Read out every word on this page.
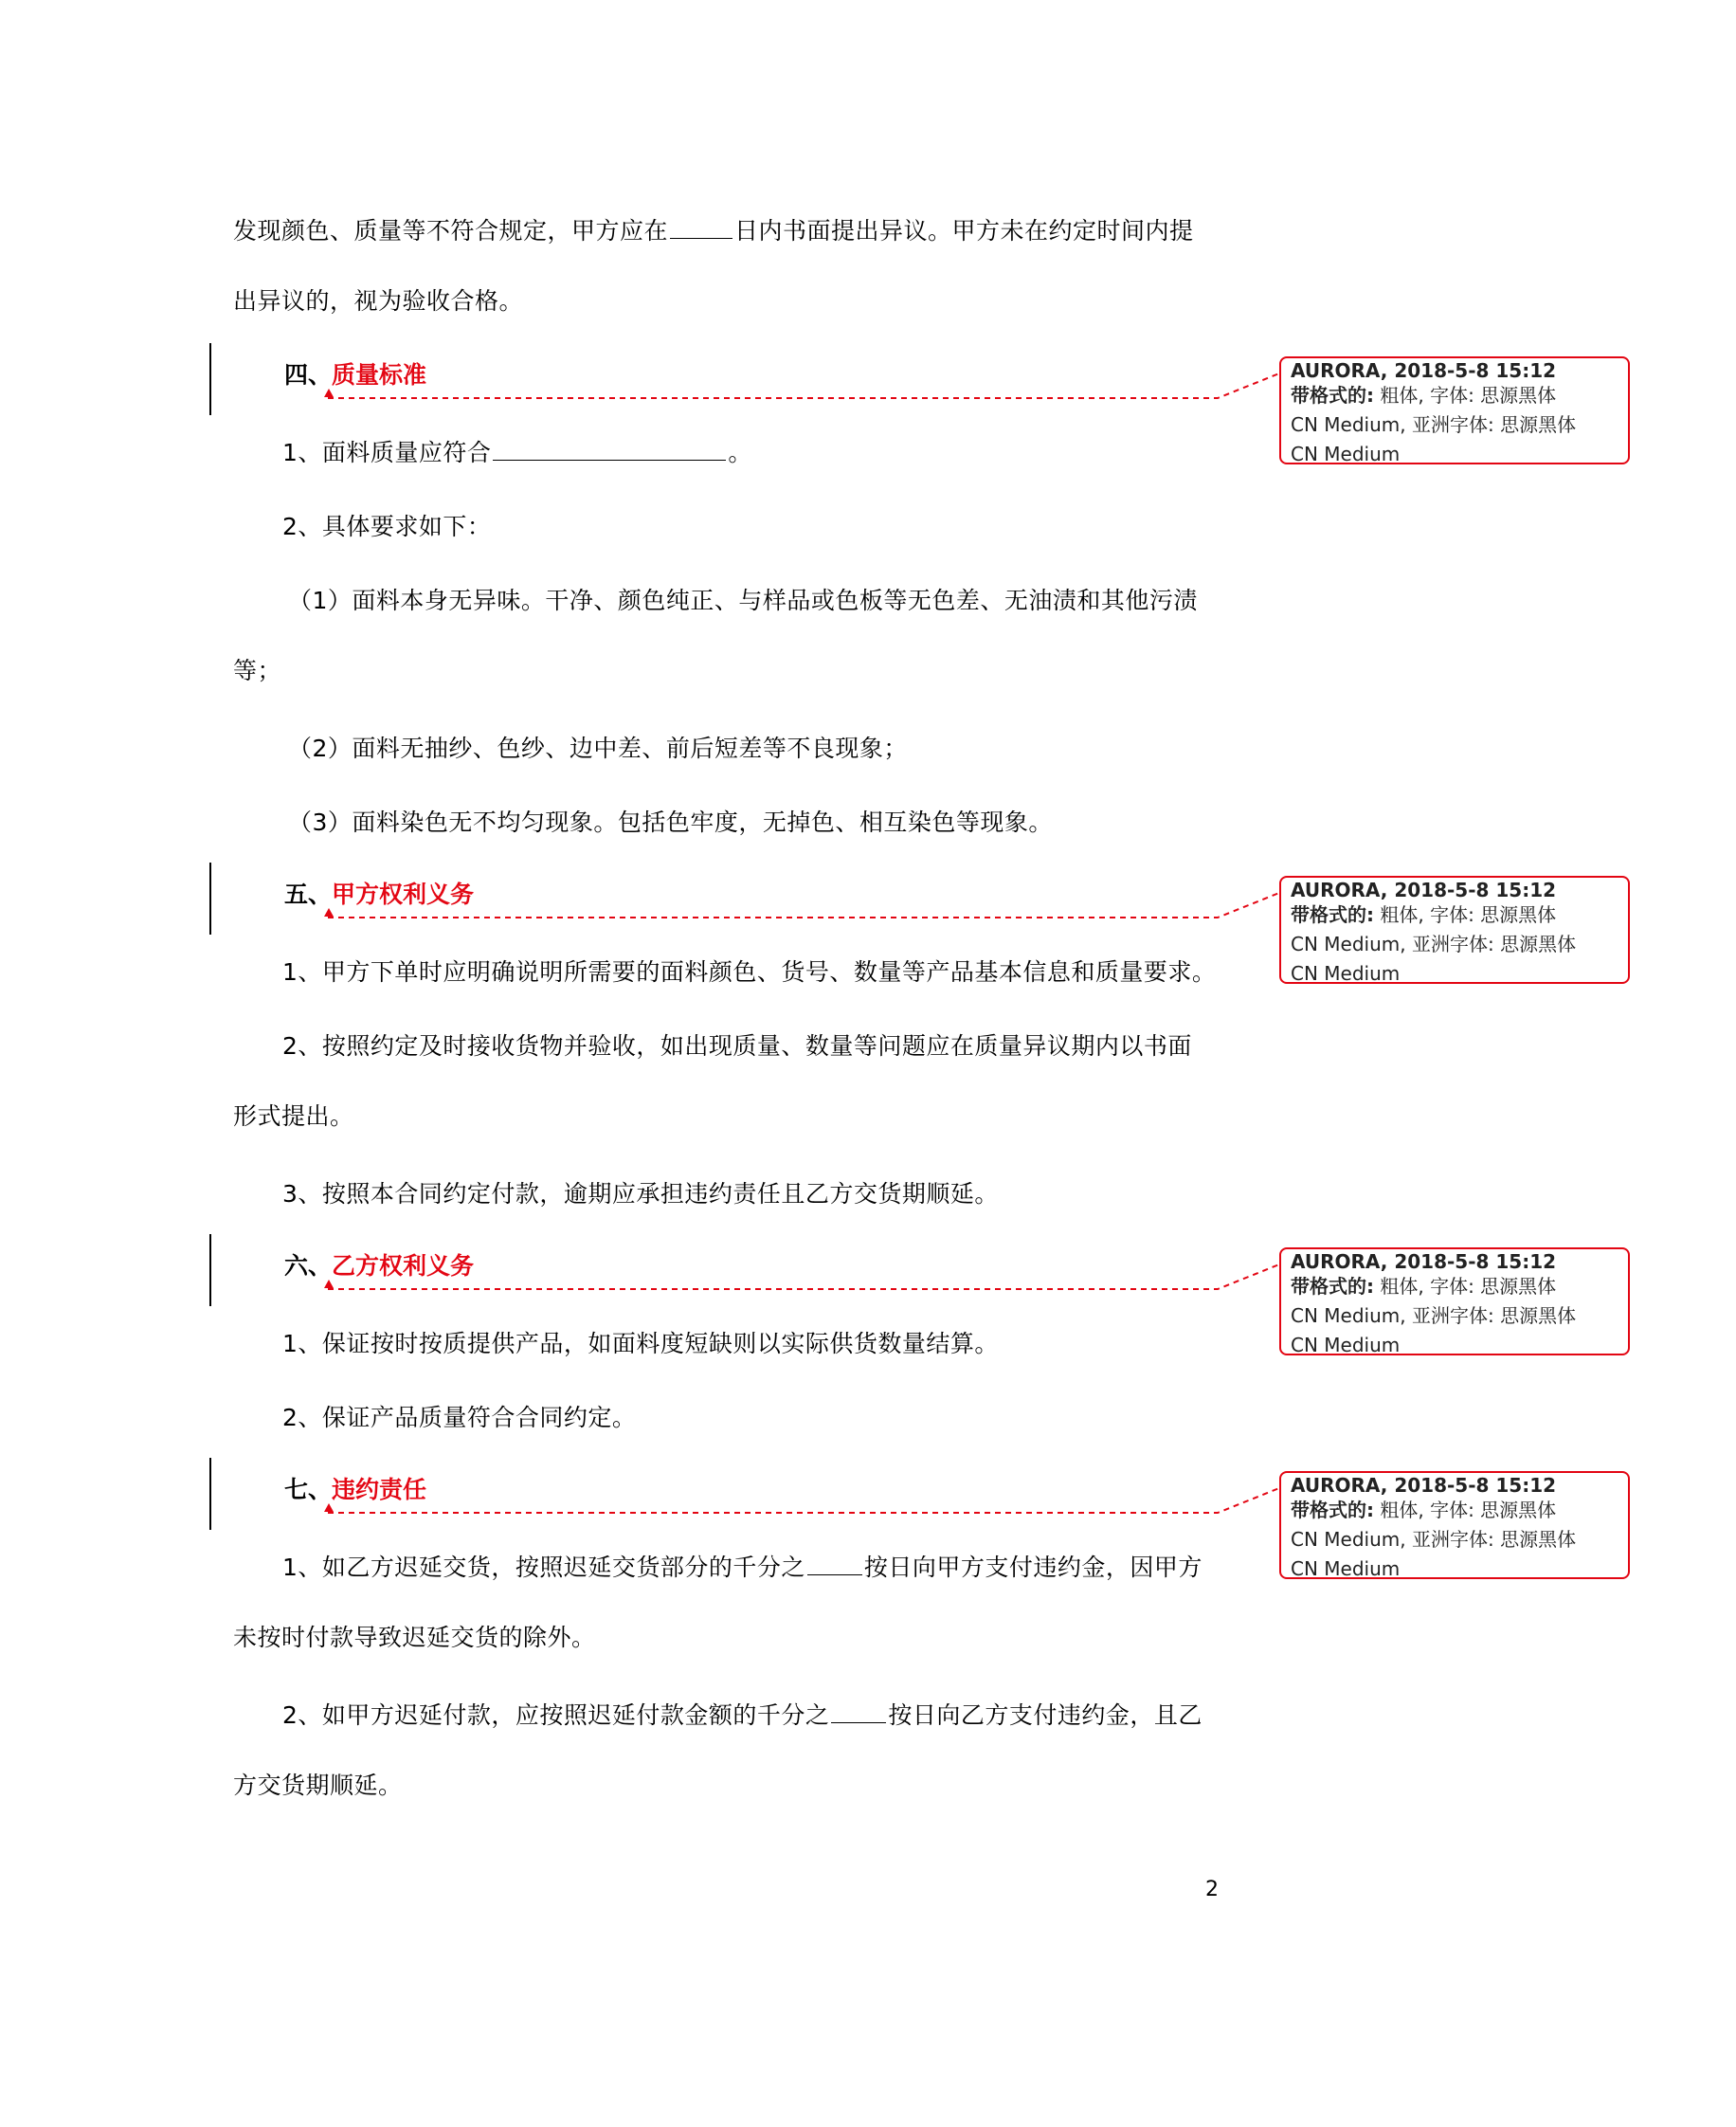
发现颜色、质量等不符合规定，甲方应在	日内书面提出异议。甲方未在约定时间内提
出异议的，视为验收合格。
四、质量标准	AURORA, 2018-5-8 15:12
带格式的: 粗体, 字体: 思源黑体
CN Medium, 亚洲字体: 思源黑体
CN Medium
1、面料质量应符合	。
2、具体要求如下：
（1）面料本身无异味。干净、颜色纯正、与样品或色板等无色差、无油渍和其他污渍
等；
（2）面料无抽纱、色纱、边中差、前后短差等不良现象；
（3）面料染色无不均匀现象。包括色牢度，无掉色、相互染色等现象。
五、甲方权利义务	AURORA, 2018-5-8 15:12
带格式的: 粗体, 字体: 思源黑体
CN Medium, 亚洲字体: 思源黑体
CN Medium
1、甲方下单时应明确说明所需要的面料颜色、货号、数量等产品基本信息和质量要求。
2、按照约定及时接收货物并验收，如出现质量、数量等问题应在质量异议期内以书面
形式提出。
3、按照本合同约定付款，逾期应承担违约责任且乙方交货期顺延。
六、乙方权利义务	AURORA, 2018-5-8 15:12
带格式的: 粗体, 字体: 思源黑体
CN Medium, 亚洲字体: 思源黑体
CN Medium
1、保证按时按质提供产品，如面料度短缺则以实际供货数量结算。
2、保证产品质量符合合同约定。
七、违约责任	AURORA, 2018-5-8 15:12
带格式的: 粗体, 字体: 思源黑体
CN Medium, 亚洲字体: 思源黑体
CN Medium
1、如乙方迟延交货，按照迟延交货部分的千分之 按日向甲方支付违约金，因甲方
未按时付款导致迟延交货的除外。
2、如甲方迟延付款，应按照迟延付款金额的千分之 按日向乙方支付违约金，且乙
方交货期顺延。
2
